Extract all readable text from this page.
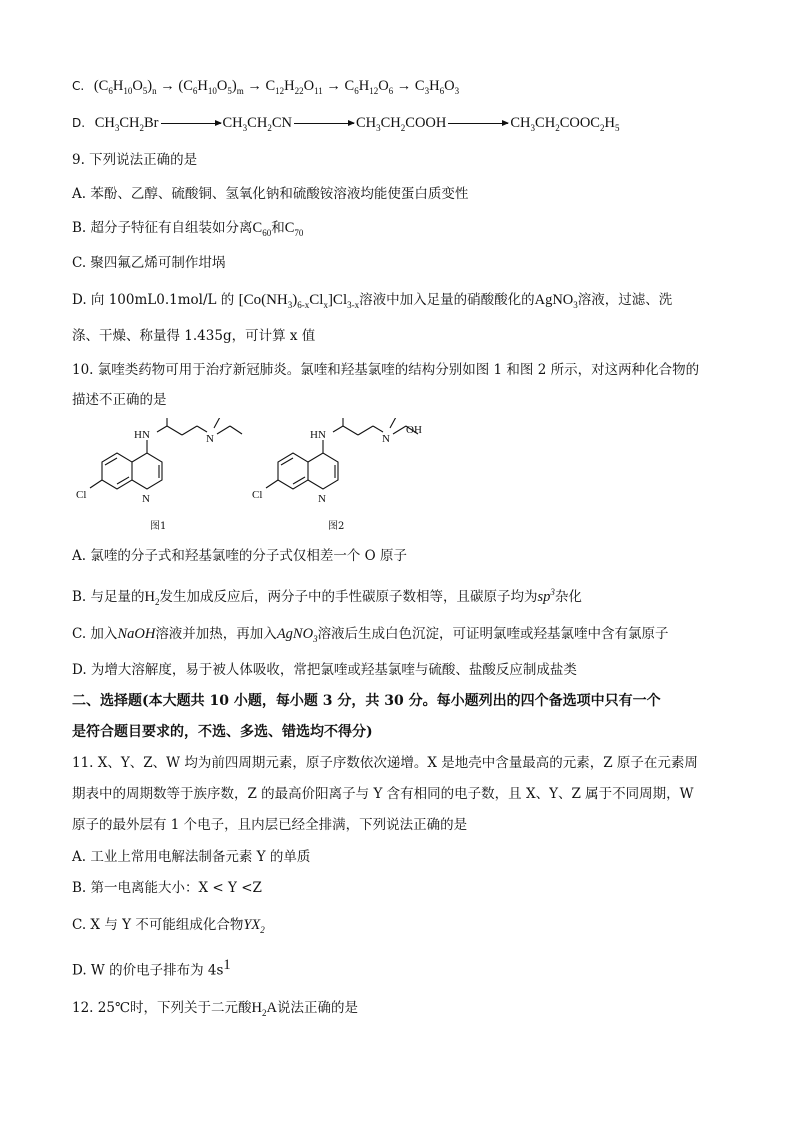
$^{C.}$ $(C_6H_{10}O_5)_n \to (C_6H_{10}O_5)_m \to C_{12}H_{22}O_{11} \to C_6H_{12}O_6 \to C_3H_6O_3$
D. $CH_3CH_2Br$	$CH_3CH_2CN$	$CH_3CH_2COOH$	$CH_3CH_2COOC_2H_5$
9. 下列说法正确的是
A. 苯酚、乙醇、硫酸铜、氢氧化钠和硫酸铵溶液均能使蛋白质变性
B. 超分子特征有自组装如分离$C_{60}$和$C_{70}$
C. 聚四氟乙烯可制作坩埚
D. 向 100mL0.1mol/L 的 $[Co(NH_3)_{6-x}Cl_x]Cl_{3-x}$溶液中加入足量的硝酸酸化的AgNO$_3$溶液，过滤、洗
涤、干燥、称量得 1.435g，可计算 x 值
10. 氯喹类药物可用于治疗新冠肺炎。氯喹和羟基氯喹的结构分别如图 1 和图 2 所示，对这两种化合物的
描述不正确的是
Cl	N
HN	N
图1
Cl	N
HN	N
图2
OH
A. 氯喹的分子式和羟基氯喹的分子式仅相差一个 O 原子
B. 与足量的$H_2$发生加成反应后，两分子中的手性碳原子数相等，且碳原子均为$sp^3$杂化
C. 加入NaOH溶液并加热，再加入AgNO$_3$溶液后生成白色沉淀，可证明氯喹或羟基氯喹中含有氯原子
D. 为增大溶解度，易于被人体吸收，常把氯喹或羟基氯喹与硫酸、盐酸反应制成盐类
二、选择题(本大题共 10 小题，每小题 3 分，共 30 分。每小题列出的四个备选项中只有一个
是符合题目要求的，不选、多选、错选均不得分)
11. X、Y、Z、W 均为前四周期元素，原子序数依次递增。X 是地壳中含量最高的元素，Z 原子在元素周
期表中的周期数等于族序数，Z 的最高价阳离子与 Y 含有相同的电子数，且 X、Y、Z 属于不同周期，W
原子的最外层有 1 个电子，且内层已经全排满，下列说法正确的是
A. 工业上常用电解法制备元素 Y 的单质
B. 第一电离能大小：X < Y <Z
C. X 与 Y 不可能组成化合物$YX_2$
D. W 的价电子排布为 $4s^1$
12. 25℃时，下列关于二元酸$H_2A$说法正确的是
